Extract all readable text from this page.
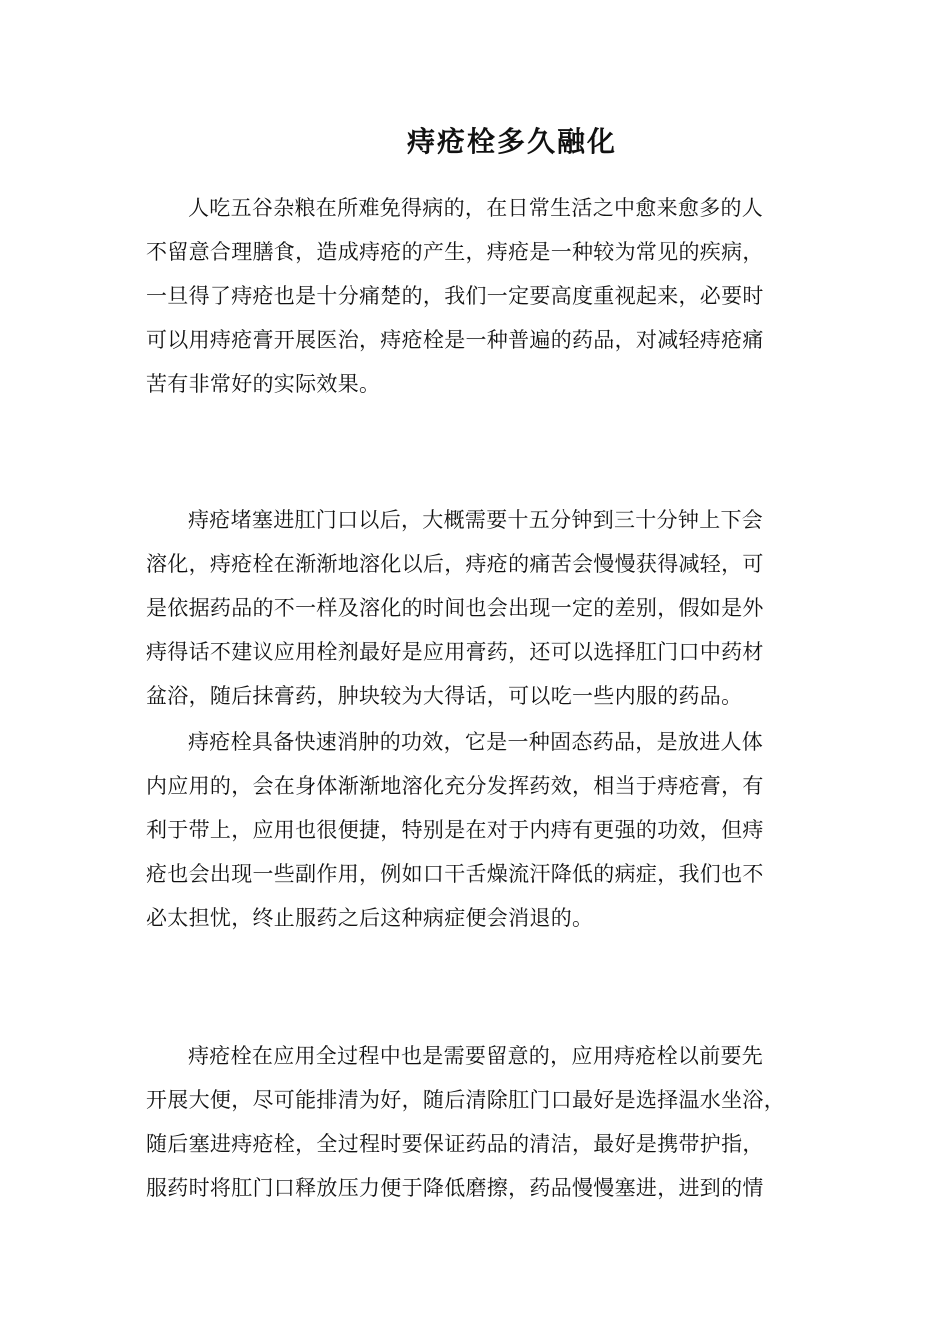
痔疮栓多久融化
人吃五谷杂粮在所难免得病的，在日常生活之中愈来愈多的人
不留意合理膳食，造成痔疮的产生，痔疮是一种较为常见的疾病，
一旦得了痔疮也是十分痛楚的，我们一定要高度重视起来，必要时
可以用痔疮膏开展医治，痔疮栓是一种普遍的药品，对减轻痔疮痛
苦有非常好的实际效果。
痔疮堵塞进肛门口以后，大概需要十五分钟到三十分钟上下会
溶化，痔疮栓在渐渐地溶化以后，痔疮的痛苦会慢慢获得减轻，可
是依据药品的不一样及溶化的时间也会出现一定的差别，假如是外
痔得话不建议应用栓剂最好是应用膏药，还可以选择肛门口中药材
盆浴，随后抹膏药，肿块较为大得话，可以吃一些内服的药品。
痔疮栓具备快速消肿的功效，它是一种固态药品，是放进人体
内应用的，会在身体渐渐地溶化充分发挥药效，相当于痔疮膏，有
利于带上，应用也很便捷，特别是在对于内痔有更强的功效，但痔
疮也会出现一些副作用，例如口干舌燥流汗降低的病症，我们也不
必太担忧，终止服药之后这种病症便会消退的。
痔疮栓在应用全过程中也是需要留意的，应用痔疮栓以前要先
开展大便，尽可能排清为好，随后清除肛门口最好是选择温水坐浴，
随后塞进痔疮栓，全过程时要保证药品的清洁，最好是携带护指，
服药时将肛门口释放压力便于降低磨擦，药品慢慢塞进，进到的情
